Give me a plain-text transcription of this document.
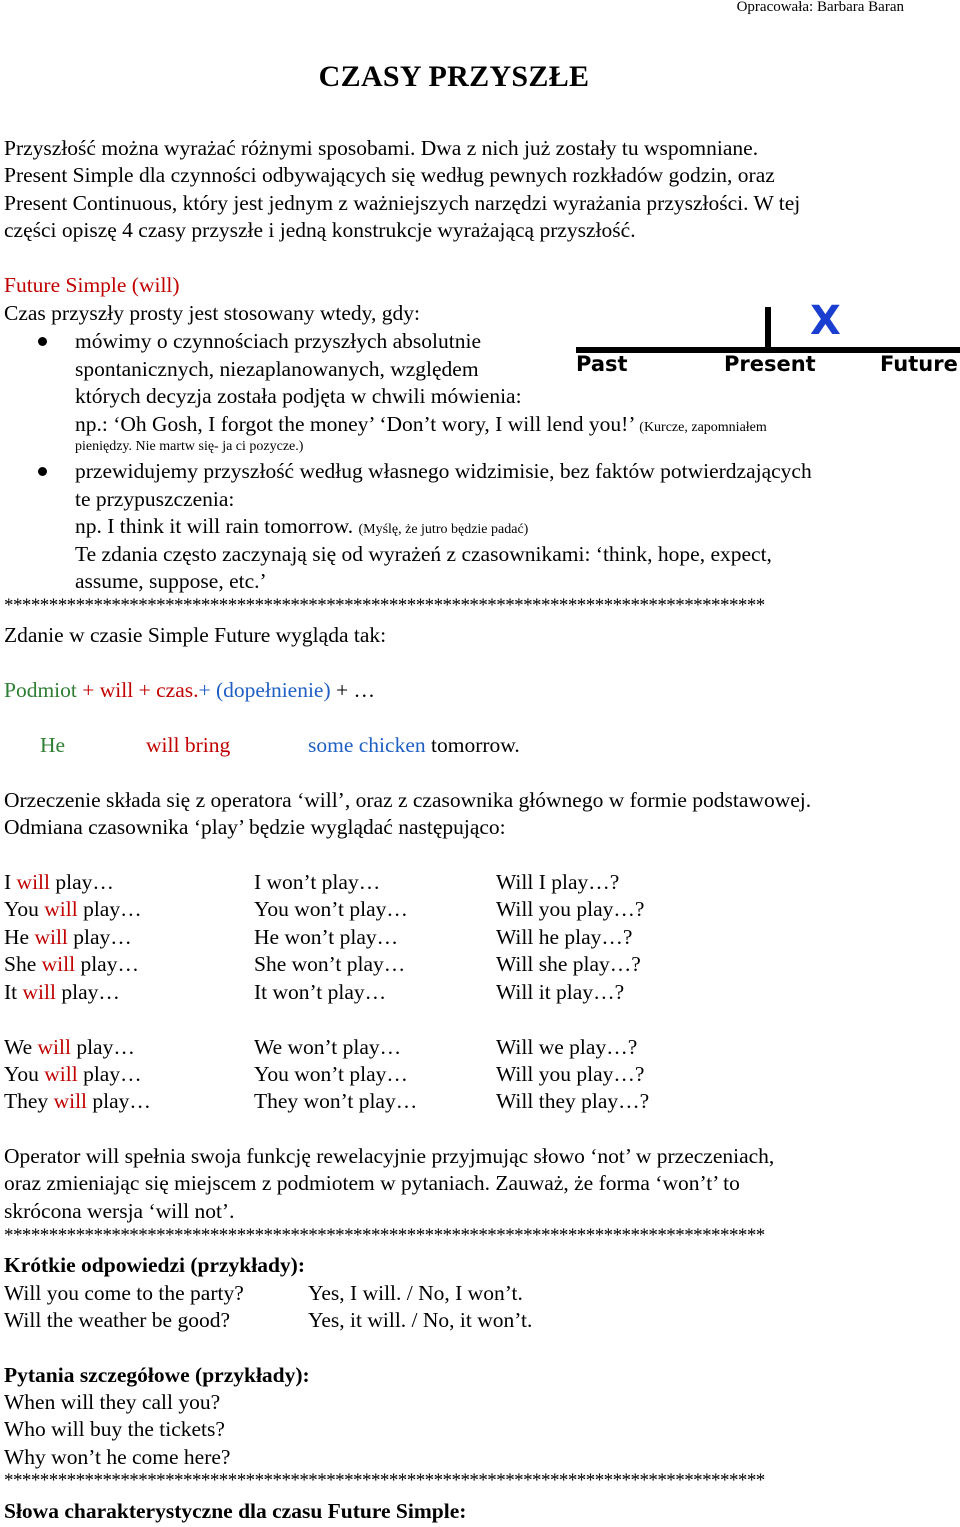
Opracowała: Barbara Baran
CZASY PRZYSZŁE
Przyszłość można wyrażać różnymi sposobami. Dwa z nich już zostały tu wspomniane.
Present Simple dla czynności odbywających się według pewnych rozkładów godzin, oraz
Present Continuous, który jest jednym z ważniejszych narzędzi wyrażania przyszłości. W tej
części opiszę 4 czasy przyszłe i jedną konstrukcje wyrażającą przyszłość.
Future Simple (will)
Czas przyszły prosty jest stosowany wtedy, gdy:
mówimy o czynnościach przyszłych absolutnie
spontanicznych, niezaplanowanych, względem
których decyzja została podjęta w chwili mówienia:
np.: ‘Oh Gosh, I forgot the money’ ‘Don’t wory, I will lend you!’ (Kurcze, zapomniałem
pieniędzy. Nie martw się- ja ci pozycze.)
przewidujemy przyszłość według własnego widzimisie, bez faktów potwierdzających
te przypuszczenia:
np. I think it will rain tomorrow. (Myślę, że jutro będzie padać)
Te zdania często zaczynają się od wyrażeń z czasownikami: ‘think, hope, expect,
assume, suppose, etc.’
X
Past	Present	Future
*************************************************************************************
Zdanie w czasie Simple Future wygląda tak:
Podmiot + will + czas.+ (dopełnienie) + …
He	will bring	some chicken tomorrow.
Orzeczenie składa się z operatora ‘will’, oraz z czasownika głównego w formie podstawowej.
Odmiana czasownika ‘play’ będzie wyglądać następująco:
I will play…	I won’t play…	Will I play…?
You will play…	You won’t play…	Will you play…?
He will play…	He won’t play…	Will he play…?
She will play…	She won’t play…	Will she play…?
It will play…	It won’t play…	Will it play…?
We will play…	We won’t play…	Will we play…?
You will play…	You won’t play…	Will you play…?
They will play…	They won’t play…	Will they play…?
Operator will spełnia swoja funkcję rewelacyjnie przyjmując słowo ‘not’ w przeczeniach,
oraz zmieniając się miejscem z podmiotem w pytaniach. Zauważ, że forma ‘won’t’ to
skrócona wersja ‘will not’.
*************************************************************************************
Krótkie odpowiedzi (przykłady):
Will you come to the party?	Yes, I will. / No, I won’t.
Will the weather be good?	Yes, it will. / No, it won’t.
Pytania szczegółowe (przykłady):
When will they call you?
Who will buy the tickets?
Why won’t he come here?
*************************************************************************************
Słowa charakterystyczne dla czasu Future Simple:
